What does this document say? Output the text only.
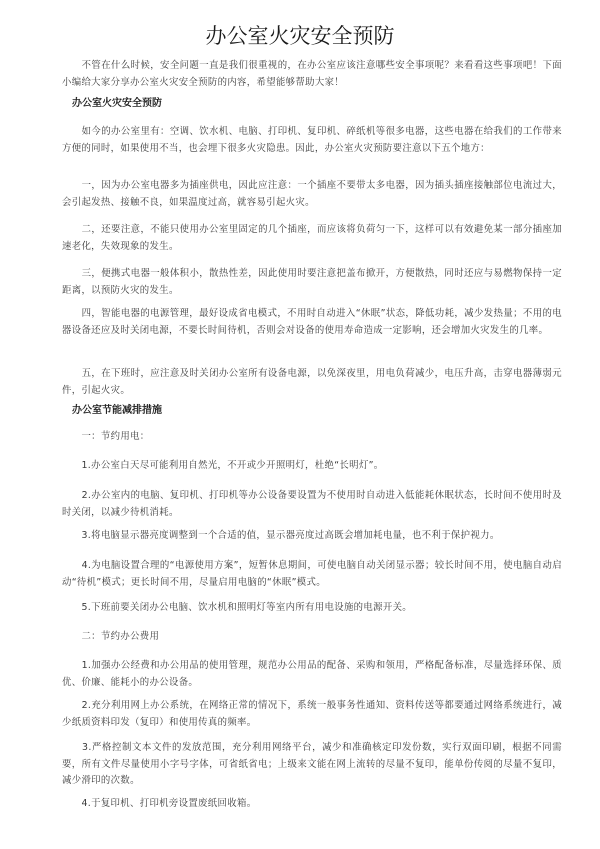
办公室火灾安全预防
　　不管在什么时候，安全问题一直是我们很重视的，在办公室应该注意哪些安全事项呢？来看看这些事项吧！下面小编给大家分享办公室火灾安全预防的内容，希望能够帮助大家！
办公室火灾安全预防
　　如今的办公室里有：空调、饮水机、电脑、打印机、复印机、碎纸机等很多电器，这些电器在给我们的工作带来方便的同时，如果使用不当，也会埋下很多火灾隐患。因此，办公室火灾预防要注意以下五个地方：
　　一，因为办公室电器多为插座供电，因此应注意：一个插座不要带太多电器，因为插头插座接触部位电流过大，会引起发热、接触不良，如果温度过高，就容易引起火灾。
　　二，还要注意，不能只使用办公室里固定的几个插座，而应该将负荷匀一下，这样可以有效避免某一部分插座加速老化，失效现象的发生。
　　三，便携式电器一般体积小，散热性差，因此使用时要注意把盖布掀开，方便散热，同时还应与易燃物保持一定距离，以预防火灾的发生。
　　四，智能电器的电源管理，最好设成省电模式，不用时自动进入“休眠”状态，降低功耗，减少发热量；不用的电器设备还应及时关闭电源，不要长时间待机，否则会对设备的使用寿命造成一定影响，还会增加火灾发生的几率。
　　五，在下班时，应注意及时关闭办公室所有设备电源，以免深夜里，用电负荷减少，电压升高，击穿电器薄弱元件，引起火灾。
办公室节能减排措施
　　一：节约用电：
　　1.办公室白天尽可能利用自然光，不开或少开照明灯，杜绝“长明灯”。
　　2.办公室内的电脑、复印机、打印机等办公设备要设置为不使用时自动进入低能耗休眠状态，长时间不使用时及时关闭，以减少待机消耗。
　　3.将电脑显示器亮度调整到一个合适的值，显示器亮度过高既会增加耗电量，也不利于保护视力。
　　4.为电脑设置合理的“电源使用方案”，短暂休息期间，可使电脑自动关闭显示器；较长时间不用，使电脑自动启动“待机”模式；更长时间不用，尽量启用电脑的“休眠”模式。
　　5.下班前要关闭办公电脑、饮水机和照明灯等室内所有用电设施的电源开关。
　　二：节约办公费用
　　1.加强办公经费和办公用品的使用管理，规范办公用品的配备、采购和领用，严格配备标准，尽量选择环保、质优、价廉、能耗小的办公设备。
　　2.充分利用网上办公系统，在网络正常的情况下，系统一般事务性通知、资料传送等都要通过网络系统进行，减少纸质资料印发（复印）和使用传真的频率。
　　3.严格控制文本文件的发放范围，充分利用网络平台，减少和准确核定印发份数，实行双面印刷，根据不同需要，所有文件尽量使用小字号字体，可省纸省电；上级来文能在网上流转的尽量不复印，能单份传阅的尽量不复印，减少滑印的次数。
　　4.于复印机、打印机旁设置废纸回收箱。
